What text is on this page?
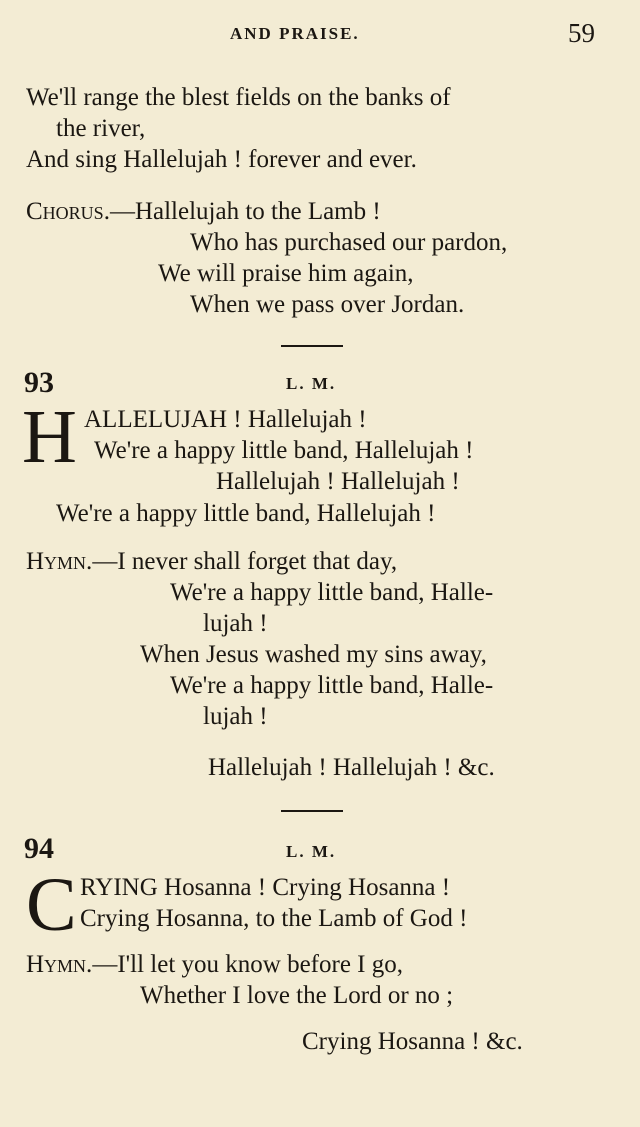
AND PRAISE.	59
We'll range the blest fields on the banks of
the river,
And sing Hallelujah ! forever and ever.
Chorus.—Hallelujah to the Lamb !
Who has purchased our pardon,
We will praise him again,
When we pass over Jordan.
93	L. M.
H ALLELUJAH ! Hallelujah !
We're a happy little band, Hallelujah !
Hallelujah ! Hallelujah !
We're a happy little band, Hallelujah !
Hymn.—I never shall forget that day,
We're a happy little band, Halle-
lujah !
When Jesus washed my sins away,
We're a happy little band, Halle-
lujah !
Hallelujah ! Hallelujah ! &c.
94	L. M.
C RYING Hosanna ! Crying Hosanna !
Crying Hosanna, to the Lamb of God !
Hymn.—I'll let you know before I go,
Whether I love the Lord or no ;
Crying Hosanna ! &c.
